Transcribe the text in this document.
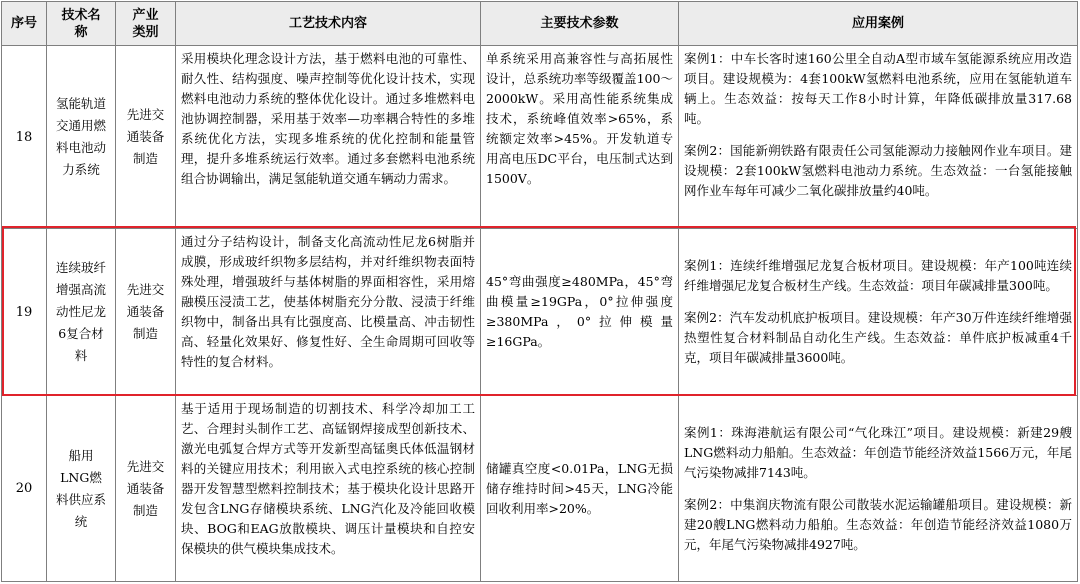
序号	技术名称	产业类别	工艺技术内容	主要技术参数	应用案例
18	氢能轨道交通用燃料电池动力系统	先进交通装备制造	采用模块化理念设计方法，基于燃料电池的可靠性、耐久性、结构强度、噪声控制等优化设计技术，实现燃料电池动力系统的整体优化设计。通过多堆燃料电池协调控制器，采用基于效率—功率耦合特性的多堆系统优化方法，实现多堆系统的优化控制和能量管理，提升多堆系统运行效率。通过多套燃料电池系统组合协调输出，满足氢能轨道交通车辆动力需求。	单系统采用高兼容性与高拓展性设计，总系统功率等级覆盖100～2000kW。采用高性能系统集成技术，系统峰值效率>65%，系统额定效率>45%。开发轨道专用高电压DC平台，电压制式达到1500V。	案例1：中车长客时速160公里全自动A型市域车氢能源系统应用改造项目。建设规模为：4套100kW氢燃料电池系统，应用在氢能轨道车辆上。生态效益：按每天工作8小时计算，年降低碳排放量317.68吨。
案例2：国能新朔铁路有限责任公司氢能源动力接触网作业车项目。建设规模：2套100kW氢燃料电池动力系统。生态效益：一台氢能接触网作业车每年可减少二氧化碳排放量约40吨。

19	连续玻纤增强高流动性尼龙6复合材料	先进交通装备制造	通过分子结构设计，制备支化高流动性尼龙6树脂并成膜，形成玻纤织物多层结构，并对纤维织物表面特殊处理，增强玻纤与基体树脂的界面相容性，采用熔融模压浸渍工艺，使基体树脂充分分散、浸渍于纤维织物中，制备出具有比强度高、比模量高、冲击韧性高、轻量化效果好、修复性好、全生命周期可回收等特性的复合材料。	45°弯曲强度≥480MPa，45°弯曲模量≥19GPa，0°拉伸强度≥380MPa，0°拉伸模量≥16GPa。	案例1：连续纤维增强尼龙复合板材项目。建设规模：年产100吨连续纤维增强尼龙复合板材生产线。生态效益：项目年碳减排量300吨。
案例2：汽车发动机底护板项目。建设规模：年产30万件连续纤维增强热塑性复合材料制品自动化生产线。生态效益：单件底护板减重4千克，项目年碳减排量3600吨。

20	船用LNG燃料供应系统	先进交通装备制造	基于适用于现场制造的切割技术、科学冷却加工工艺、合理封头制作工艺、高锰钢焊接成型创新技术、激光电弧复合焊方式等开发新型高锰奥氏体低温钢材料的关键应用技术；利用嵌入式电控系统的核心控制器开发智慧型燃料控制技术；基于模块化设计思路开发包含LNG存储模块系统、LNG汽化及冷能回收模块、BOG和EAG放散模块、调压计量模块和自控安保模块的供气模块集成技术。	储罐真空度<0.01Pa，LNG无损储存维持时间>45天，LNG冷能回收利用率>20%。	案例1：珠海港航运有限公司“气化珠江”项目。建设规模：新建29艘LNG燃料动力船舶。生态效益：年创造节能经济效益1566万元，年尾气污染物减排7143吨。
案例2：中集润庆物流有限公司散装水泥运输罐船项目。建设规模：新建20艘LNG燃料动力船舶。生态效益：年创造节能经济效益1080万元，年尾气污染物减排4927吨。
